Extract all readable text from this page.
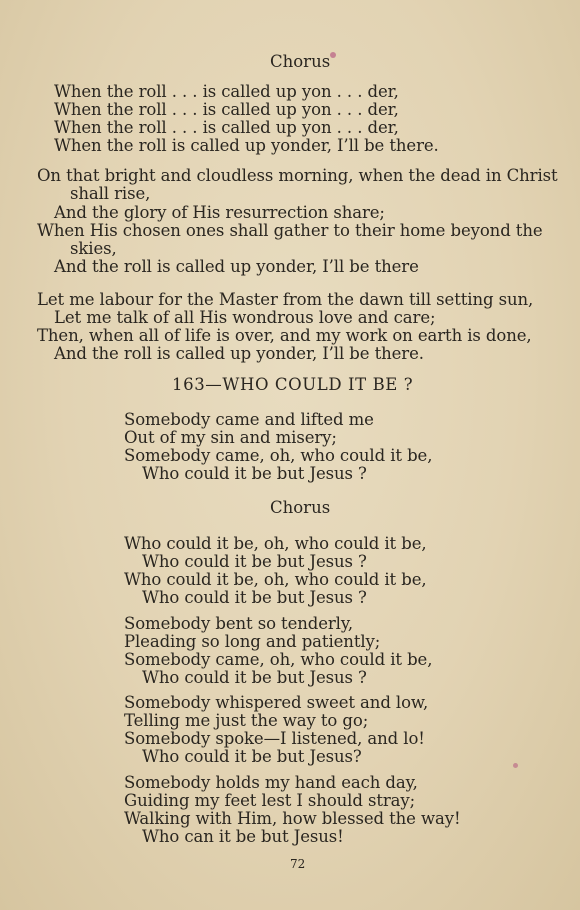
Chorus
When the roll . . . is called up yon . . . der,
When the roll . . . is called up yon . . . der,
When the roll . . . is called up yon . . . der,
When the roll is called up yonder, I’ll be there.
On that bright and cloudless morning, when the dead in Christ
shall rise,
And the glory of His resurrection share;
When His chosen ones shall gather to their home beyond the
skies,
And the roll is called up yonder, I’ll be there
Let me labour for the Master from the dawn till setting sun,
Let me talk of all His wondrous love and care;
Then, when all of life is over, and my work on earth is done,
And the roll is called up yonder, I’ll be there.
163—WHO COULD IT BE ?
Somebody came and lifted me
Out of my sin and misery;
Somebody came, oh, who could it be,
Who could it be but Jesus ?
Chorus
Who could it be, oh, who could it be,
Who could it be but Jesus ?
Who could it be, oh, who could it be,
Who could it be but Jesus ?
Somebody bent so tenderly,
Pleading so long and patiently;
Somebody came, oh, who could it be,
Who could it be but Jesus ?
Somebody whispered sweet and low,
Telling me just the way to go;
Somebody spoke—I listened, and lo!
Who could it be but Jesus?
Somebody holds my hand each day,
Guiding my feet lest I should stray;
Walking with Him, how blessed the way!
Who can it be but Jesus!
72
